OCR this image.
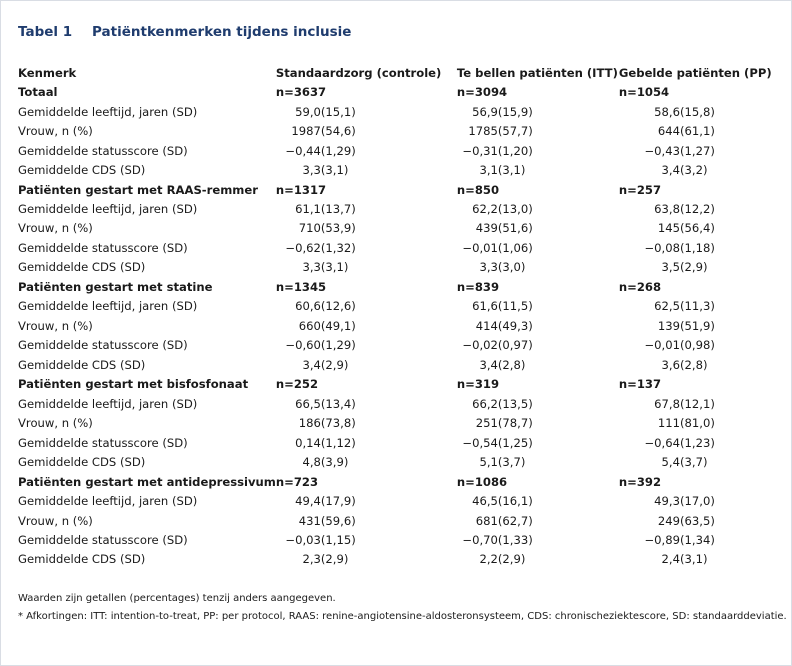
Tabel 1 Patiëntkenmerken tijdens inclusie
Kenmerk	Standaardzorg (controle)		Te bellen patiënten (ITT)		Gebelde patiënten (PP)	
Totaal	n=3637		n=3094		n=1054	
Gemiddelde leeftijd, jaren (SD)	59,0	(15,1)	56,9	(15,9)	58,6	(15,8)
Vrouw, n (%)	1987	(54,6)	1785	(57,7)	644	(61,1)
Gemiddelde statusscore (SD)	−0,44	(1,29)	−0,31	(1,20)	−0,43	(1,27)
Gemiddelde CDS (SD)	3,3	(3,1)	3,1	(3,1)	3,4	(3,2)
Patiënten gestart met RAAS-remmer	n=1317		n=850		n=257	
Gemiddelde leeftijd, jaren (SD)	61,1	(13,7)	62,2	(13,0)	63,8	(12,2)
Vrouw, n (%)	710	(53,9)	439	(51,6)	145	(56,4)
Gemiddelde statusscore (SD)	−0,62	(1,32)	−0,01	(1,06)	−0,08	(1,18)
Gemiddelde CDS (SD)	3,3	(3,1)	3,3	(3,0)	3,5	(2,9)
Patiënten gestart met statine	n=1345		n=839		n=268	
Gemiddelde leeftijd, jaren (SD)	60,6	(12,6)	61,6	(11,5)	62,5	(11,3)
Vrouw, n (%)	660	(49,1)	414	(49,3)	139	(51,9)
Gemiddelde statusscore (SD)	−0,60	(1,29)	−0,02	(0,97)	−0,01	(0,98)
Gemiddelde CDS (SD)	3,4	(2,9)	3,4	(2,8)	3,6	(2,8)
Patiënten gestart met bisfosfonaat	n=252		n=319		n=137	
Gemiddelde leeftijd, jaren (SD)	66,5	(13,4)	66,2	(13,5)	67,8	(12,1)
Vrouw, n (%)	186	(73,8)	251	(78,7)	111	(81,0)
Gemiddelde statusscore (SD)	0,14	(1,12)	−0,54	(1,25)	−0,64	(1,23)
Gemiddelde CDS (SD)	4,8	(3,9)	5,1	(3,7)	5,4	(3,7)
Patiënten gestart met antidepressivum	n=723		n=1086		n=392	
Gemiddelde leeftijd, jaren (SD)	49,4	(17,9)	46,5	(16,1)	49,3	(17,0)
Vrouw, n (%)	431	(59,6)	681	(62,7)	249	(63,5)
Gemiddelde statusscore (SD)	−0,03	(1,15)	−0,70	(1,33)	−0,89	(1,34)
Gemiddelde CDS (SD)	2,3	(2,9)	2,2	(2,9)	2,4	(3,1)
Waarden zijn getallen (percentages) tenzij anders aangegeven.
* Afkortingen: ITT: intention-to-treat, PP: per protocol, RAAS: renine-angiotensine-aldosteronsysteem, CDS: chronischeziektescore, SD: standaarddeviatie.
